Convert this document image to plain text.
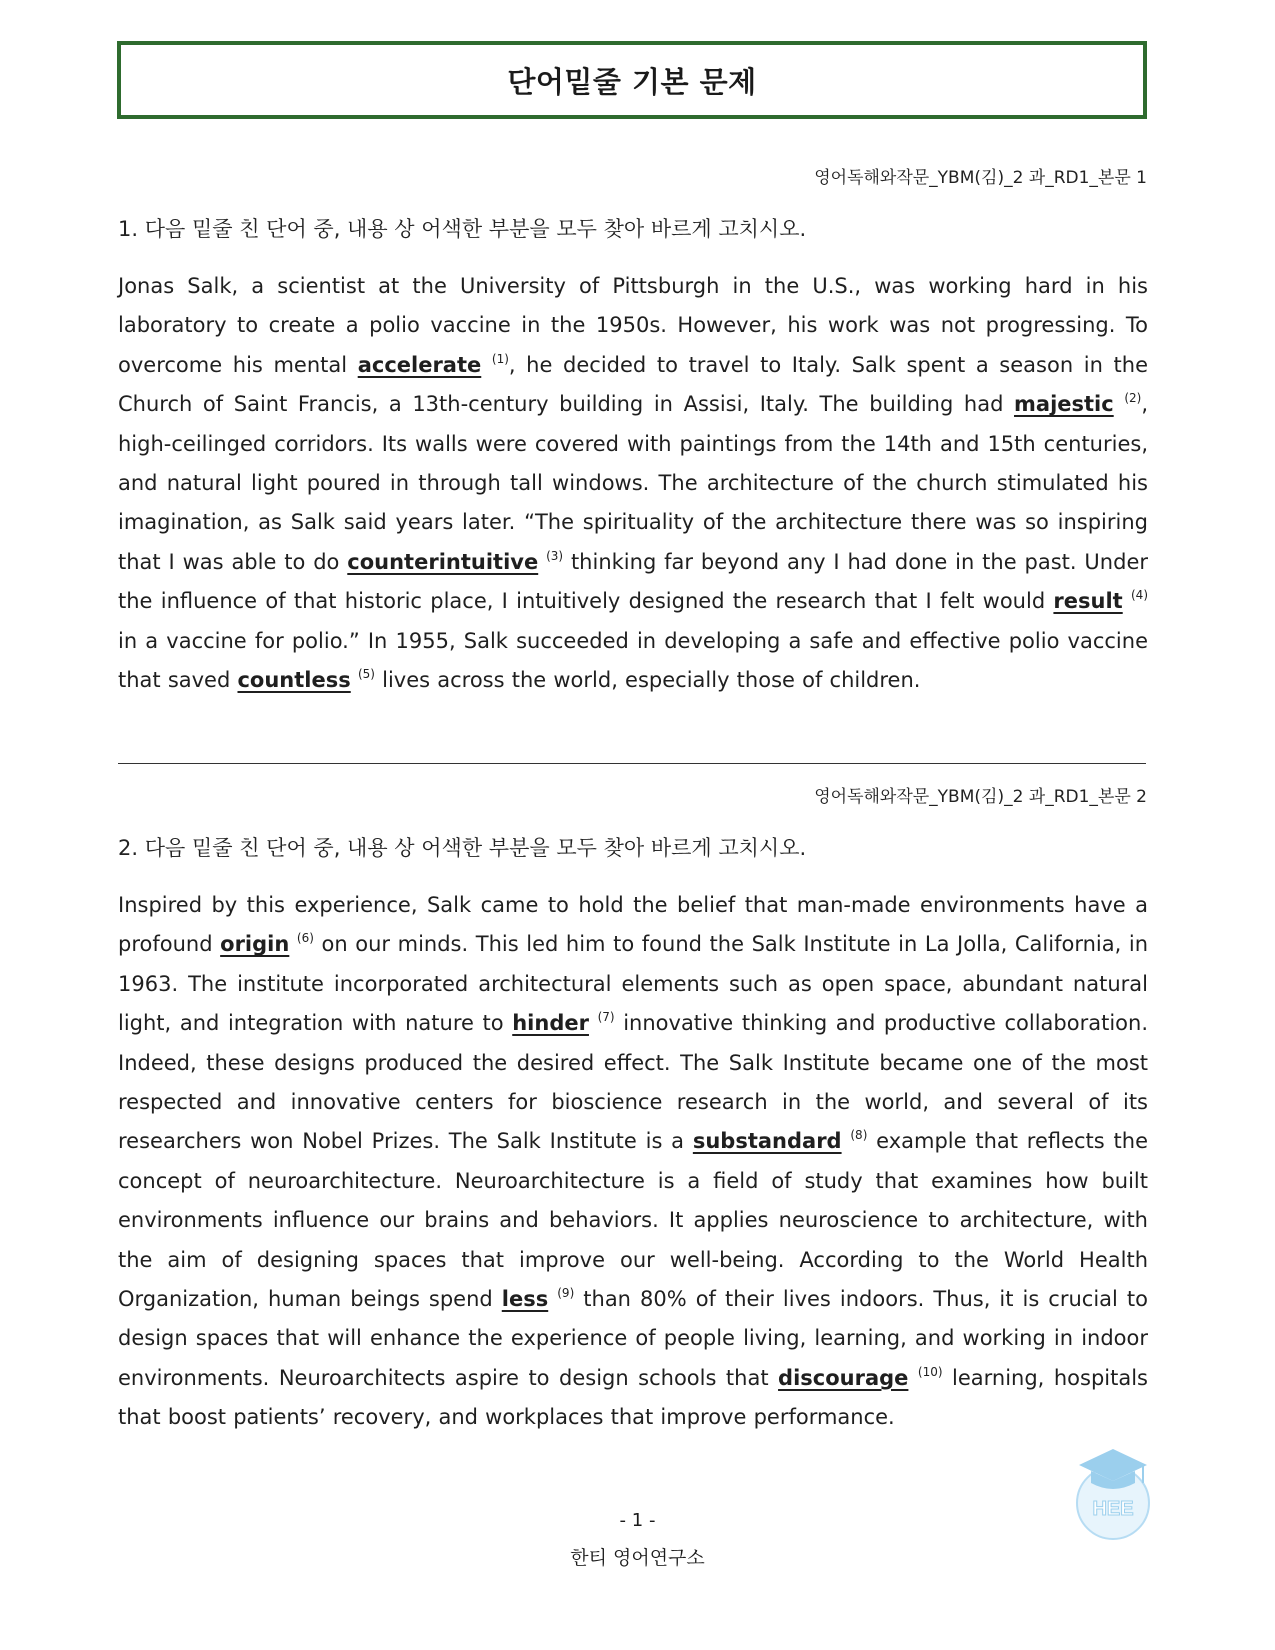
단어밑줄 기본 문제
영어독해와작문_YBM(김)_2 과_RD1_본문 1
1. 다음 밑줄 친 단어 중, 내용 상 어색한 부분을 모두 찾아 바르게 고치시오.
Jonas Salk, a scientist at the University of Pittsburgh in the U.S., was working hard in his laboratory to create a polio vaccine in the 1950s. However, his work was not progressing. To overcome his mental accelerate $^{(1)}$, he decided to travel to Italy. Salk spent a season in the Church of Saint Francis, a 13th-century building in Assisi, Italy. The building had majestic $^{(2)}$, high-ceilinged corridors. Its walls were covered with paintings from the 14th and 15th centuries, and natural light poured in through tall windows. The architecture of the church stimulated his imagination, as Salk said years later. “The spirituality of the architecture there was so inspiring that I was able to do counterintuitive $^{(3)}$ thinking far beyond any I had done in the past. Under the influence of that historic place, I intuitively designed the research that I felt would result $^{(4)}$ in a vaccine for polio.” In 1955, Salk succeeded in developing a safe and effective polio vaccine that saved countless $^{(5)}$ lives across the world, especially those of children.
영어독해와작문_YBM(김)_2 과_RD1_본문 2
2. 다음 밑줄 친 단어 중, 내용 상 어색한 부분을 모두 찾아 바르게 고치시오.
Inspired by this experience, Salk came to hold the belief that man-made environments have a profound origin $^{(6)}$ on our minds. This led him to found the Salk Institute in La Jolla, California, in 1963. The institute incorporated architectural elements such as open space, abundant natural light, and integration with nature to hinder $^{(7)}$ innovative thinking and productive collaboration. Indeed, these designs produced the desired effect. The Salk Institute became one of the most respected and innovative centers for bioscience research in the world, and several of its researchers won Nobel Prizes. The Salk Institute is a substandard $^{(8)}$ example that reflects the concept of neuroarchitecture. Neuroarchitecture is a field of study that examines how built environments influence our brains and behaviors. It applies neuroscience to architecture, with the aim of designing spaces that improve our well-being. According to the World Health Organization, human beings spend less $^{(9)}$ than 80% of their lives indoors. Thus, it is crucial to design spaces that will enhance the experience of people living, learning, and working in indoor environments. Neuroarchitects aspire to design schools that discourage $^{(10)}$ learning, hospitals that boost patients’ recovery, and workplaces that improve performance.
HEE
- 1 -
한티 영어연구소
